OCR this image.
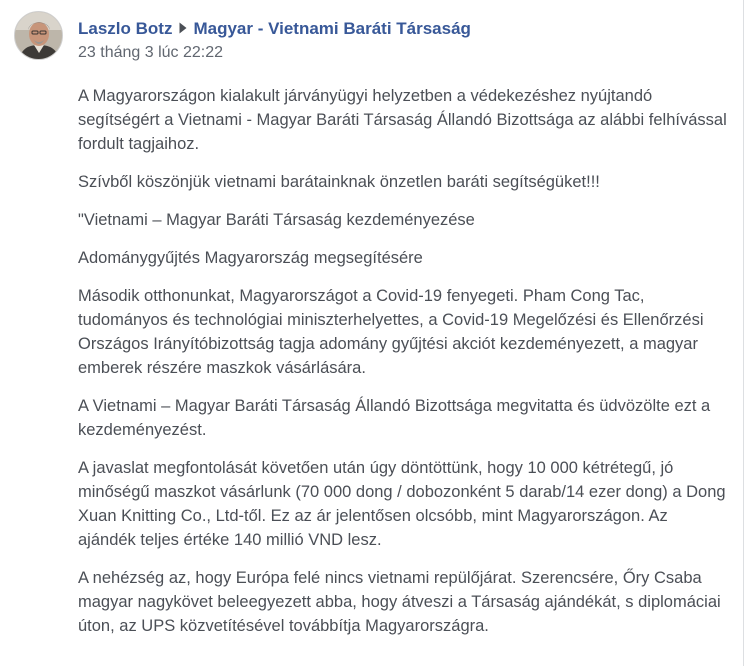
Laszlo Botz Magyar - Vietnami Baráti Társaság
23 tháng 3 lúc 22:22

A Magyarországon kialakult járványügyi helyzetben a védekezéshez nyújtandó segítségért a Vietnami - Magyar Baráti Társaság Állandó Bizottsága az alábbi felhívással fordult tagjaihoz.

Szívből köszönjük vietnami barátainknak önzetlen baráti segítségüket!!!

"Vietnami – Magyar Baráti Társaság kezdeményezése

Adománygyűjtés Magyarország megsegítésére

Második otthonunkat, Magyarországot a Covid-19 fenyegeti. Pham Cong Tac, tudományos és technológiai miniszterhelyettes, a Covid-19 Megelőzési és Ellenőrzési Országos Irányítóbizottság tagja adomány gyűjtési akciót kezdeményezett, a magyar emberek részére maszkok vásárlására.

A Vietnami – Magyar Baráti Társaság Állandó Bizottsága megvitatta és üdvözölte ezt a kezdeményezést.

A javaslat megfontolását követően után úgy döntöttünk, hogy 10 000 kétrétegű, jó minőségű maszkot vásárlunk (70 000 dong / dobozonként 5 darab/14 ezer dong) a Dong Xuan Knitting Co., Ltd-től. Ez az ár jelentősen olcsóbb, mint Magyarországon. Az ajándék teljes értéke 140 millió VND lesz.

A nehézség az, hogy Európa felé nincs vietnami repülőjárat. Szerencsére, Őry Csaba magyar nagykövet beleegyezett abba, hogy átveszi a Társaság ajándékát, s diplomáciai úton, az UPS közvetítésével továbbítja Magyarországra.
